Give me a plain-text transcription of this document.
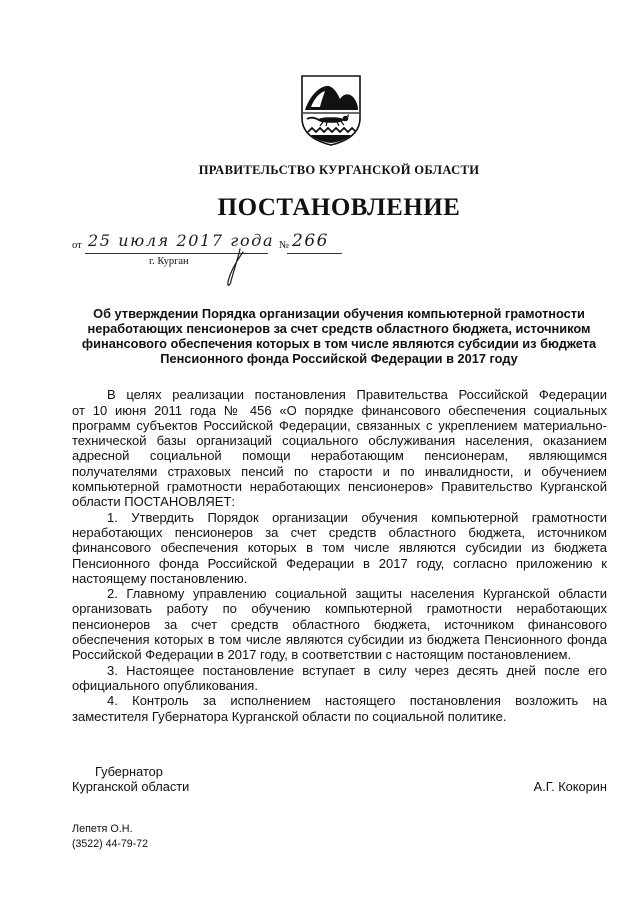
ПРАВИТЕЛЬСТВО КУРГАНСКОЙ ОБЛАСТИ
ПОСТАНОВЛЕНИЕ
от 25 июля 2017 года № 266
г. Курган
Об утверждении Порядка организации обучения компьютерной грамотности
неработающих пенсионеров за счет средств областного бюджета, источником
финансового обеспечения которых в том числе являются субсидии из бюджета
Пенсионного фонда Российской Федерации в 2017 году
В целях реализации постановления Правительства Российской Федерации
от 10 июня 2011 года № 456 «О порядке финансового обеспечения социальных
программ субъектов Российской Федерации, связанных с укреплением материально-
технической базы организаций социального обслуживания населения, оказанием
адресной социальной помощи неработающим пенсионерам, являющимся
получателями страховых пенсий по старости и по инвалидности, и обучением
компьютерной грамотности неработающих пенсионеров» Правительство Курганской
области ПОСТАНОВЛЯЕТ:
1. Утвердить Порядок организации обучения компьютерной грамотности
неработающих пенсионеров за счет средств областного бюджета, источником
финансового обеспечения которых в том числе являются субсидии из бюджета
Пенсионного фонда Российской Федерации в 2017 году, согласно приложению к
настоящему постановлению.
2. Главному управлению социальной защиты населения Курганской области
организовать работу по обучению компьютерной грамотности неработающих
пенсионеров за счет средств областного бюджета, источником финансового
обеспечения которых в том числе являются субсидии из бюджета Пенсионного фонда
Российской Федерации в 2017 году, в соответствии с настоящим постановлением.
3. Настоящее постановление вступает в силу через десять дней после его
официального опубликования.
4. Контроль за исполнением настоящего постановления возложить на
заместителя Губернатора Курганской области по социальной политике.
Губернатор
Курганской области	А.Г. Кокорин
Лепетя О.Н.
(3522) 44-79-72
